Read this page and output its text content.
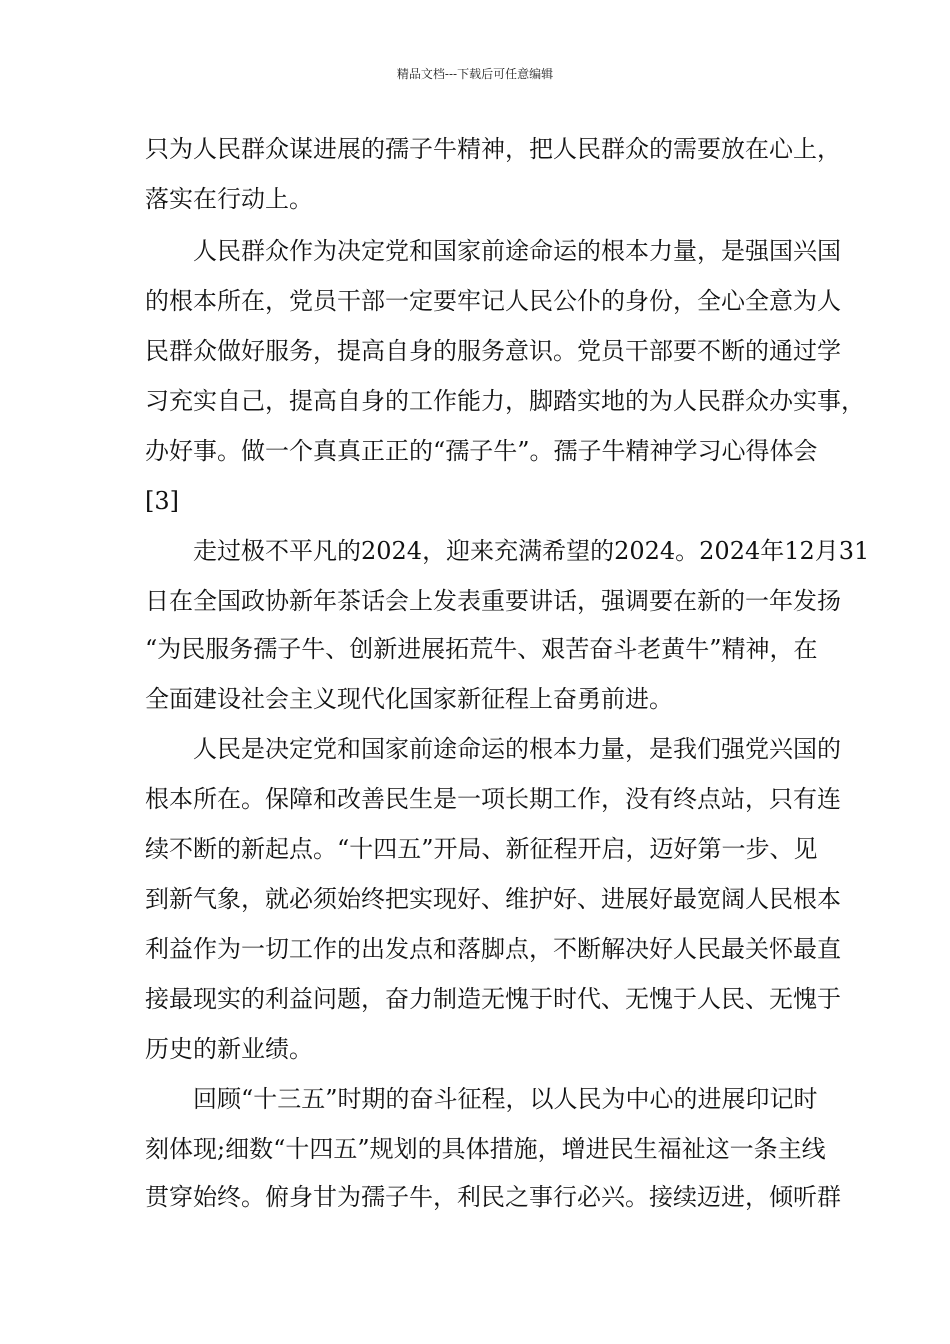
精品文档---下载后可任意编辑
只为人民群众谋进展的孺子牛精神，把人民群众的需要放在心上，
落实在行动上。
　　人民群众作为决定党和国家前途命运的根本力量，是强国兴国
的根本所在，党员干部一定要牢记人民公仆的身份，全心全意为人
民群众做好服务，提高自身的服务意识。党员干部要不断的通过学
习充实自己，提高自身的工作能力，脚踏实地的为人民群众办实事，
办好事。做一个真真正正的“孺子牛”。孺子牛精神学习心得体会
[3]
　　走过极不平凡的2024，迎来充满希望的2024。2024年12月31
日在全国政协新年茶话会上发表重要讲话，强调要在新的一年发扬
“为民服务孺子牛、创新进展拓荒牛、艰苦奋斗老黄牛”精神，在
全面建设社会主义现代化国家新征程上奋勇前进。
　　人民是决定党和国家前途命运的根本力量，是我们强党兴国的
根本所在。保障和改善民生是一项长期工作，没有终点站，只有连
续不断的新起点。“十四五”开局、新征程开启，迈好第一步、见
到新气象，就必须始终把实现好、维护好、进展好最宽阔人民根本
利益作为一切工作的出发点和落脚点，不断解决好人民最关怀最直
接最现实的利益问题，奋力制造无愧于时代、无愧于人民、无愧于
历史的新业绩。
　　回顾“十三五”时期的奋斗征程，以人民为中心的进展印记时
刻体现;细数“十四五”规划的具体措施，增进民生福祉这一条主线
贯穿始终。俯身甘为孺子牛，利民之事行必兴。接续迈进，倾听群
